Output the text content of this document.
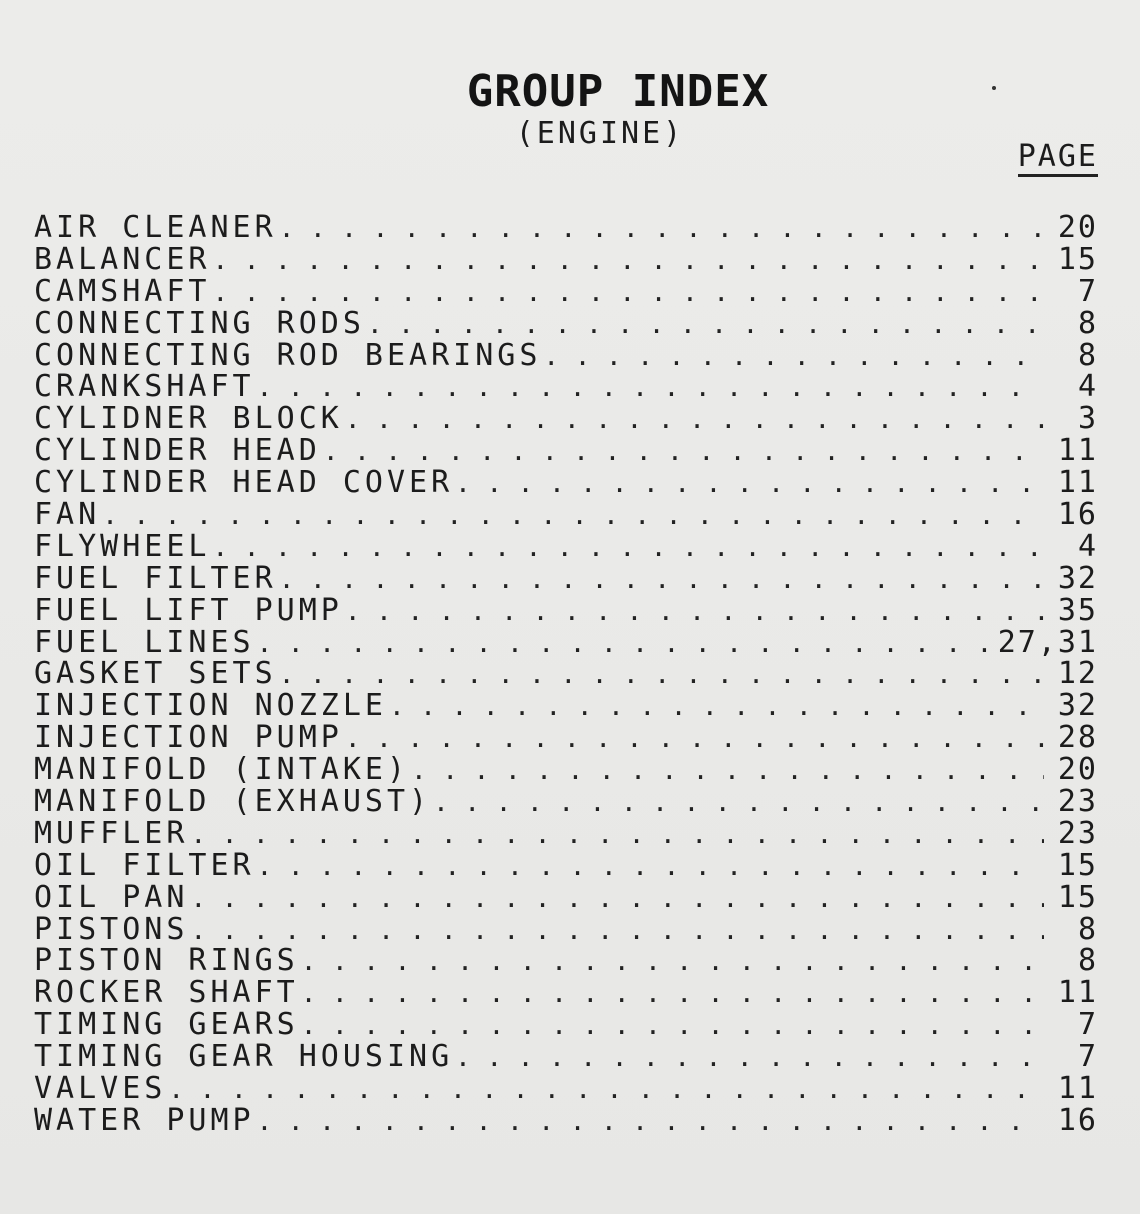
GROUP INDEX
(ENGINE)
PAGE
AIR CLEANER . . .	20
BALANCER . . .	15
CAMSHAFT . . .	7
CONNECTING RODS . . .	8
CONNECTING ROD BEARINGS . . .	8
CRANKSHAFT . . .	4
CYLIDNER BLOCK . . .	3
CYLINDER HEAD . . .	11
CYLINDER HEAD COVER . . .	11
FAN . . .	16
FLYWHEEL . . .	4
FUEL FILTER . . .	32
FUEL LIFT PUMP . . .	35
FUEL LINES . . .	27,31
GASKET SETS . . .	12
INJECTION NOZZLE . . .	32
INJECTION PUMP . . .	28
MANIFOLD (INTAKE) . . .	20
MANIFOLD (EXHAUST) . . .	23
MUFFLER . . .	23
OIL FILTER . . .	15
OIL PAN . . .	15
PISTONS . . .	8
PISTON RINGS . . .	8
ROCKER SHAFT . . .	11
TIMING GEARS . . .	7
TIMING GEAR HOUSING . . .	7
VALVES . . .	11
WATER PUMP . . .	16
